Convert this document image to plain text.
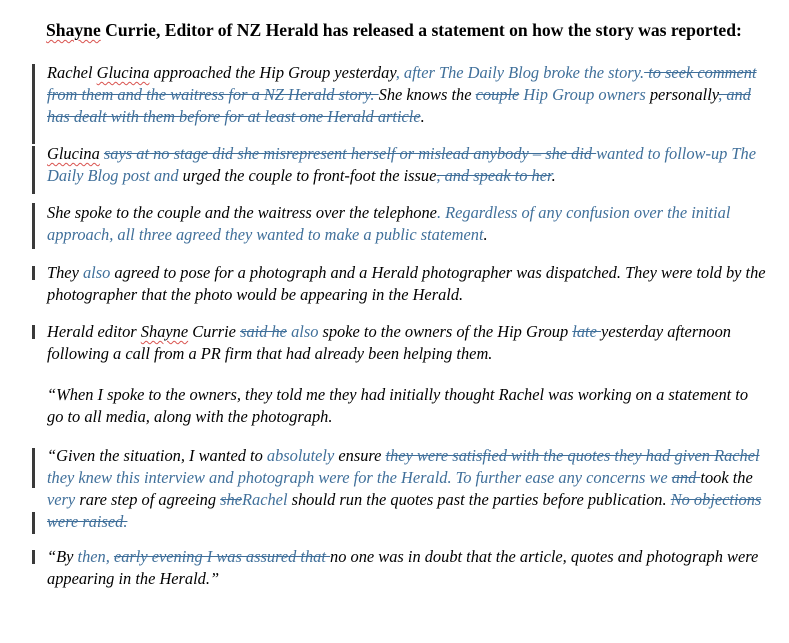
Shayne Currie, Editor of NZ Herald has released a statement on how the story was reported:
Rachel Glucina approached the Hip Group yesterday, after The Daily Blog broke the story. to seek comment from them and the waitress for a NZ Herald story. She knows the couple Hip Group owners personally, and has dealt with them before for at least one Herald article.
Glucina says at no stage did she misrepresent herself or mislead anybody – she did wanted to follow-up The Daily Blog post and urged the couple to front-foot the issue, and speak to her.
She spoke to the couple and the waitress over the telephone. Regardless of any confusion over the initial approach, all three agreed they wanted to make a public statement.
They also agreed to pose for a photograph and a Herald photographer was dispatched. They were told by the photographer that the photo would be appearing in the Herald.
Herald editor Shayne Currie said he also spoke to the owners of the Hip Group late yesterday afternoon following a call from a PR firm that had already been helping them.
“When I spoke to the owners, they told me they had initially thought Rachel was working on a statement to go to all media, along with the photograph.
“Given the situation, I wanted to absolutely ensure they were satisfied with the quotes they had given Rachel they knew this interview and photograph were for the Herald. To further ease any concerns we and took the very rare step of agreeing sheRachel should run the quotes past the parties before publication. No objections were raised.
“By then, early evening I was assured that no one was in doubt that the article, quotes and photograph were appearing in the Herald.”
